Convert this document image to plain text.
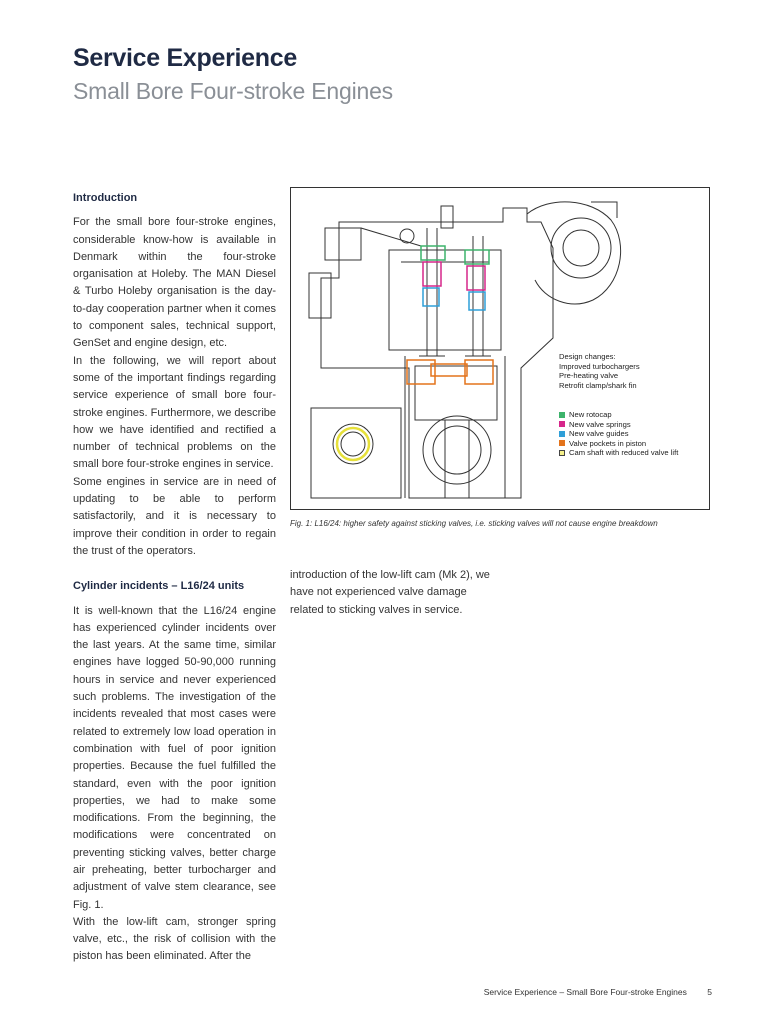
Service Experience
Small Bore Four-stroke Engines
Introduction

For the small bore four-stroke engines, considerable know-how is available in Denmark within the four-stroke organisation at Holeby. The MAN Diesel & Turbo Holeby organisation is the day-to-day cooperation partner when it comes to component sales, technical support, GenSet and engine design, etc.

In the following, we will report about some of the important findings regarding service experience of small bore four-stroke engines. Furthermore, we describe how we have identified and rectified a number of technical problems on the small bore four-stroke engines in service.

Some engines in service are in need of updating to be able to perform satisfactorily, and it is necessary to improve their condition in order to regain the trust of the operators.

Cylinder incidents – L16/24 units

It is well-known that the L16/24 engine has experienced cylinder incidents over the last years. At the same time, similar engines have logged 50-90,000 running hours in service and never experienced such problems. The investigation of the incidents revealed that most cases were related to extremely low load operation in combination with fuel of poor ignition properties. Because the fuel fulfilled the standard, even with the poor ignition properties, we had to make some modifications. From the beginning, the modifications were concentrated on preventing sticking valves, better charge air preheating, better turbocharger and adjustment of valve stem clearance, see Fig. 1.

With the low-lift cam, stronger spring valve, etc., the risk of collision with the piston has been eliminated. After the

Design changes:
Improved turbochargers
Pre-heating valve
Retrofit clamp/shark fin
New rotocap
New valve springs
New valve guides
Valve pockets in piston
Cam shaft with reduced valve lift
Fig. 1: L16/24: higher safety against sticking valves, i.e. sticking valves will not cause engine breakdown

introduction of the low-lift cam (Mk 2), we have not experienced valve damage related to sticking valves in service.

Service Experience – Small Bore Four-stroke Engines 5
